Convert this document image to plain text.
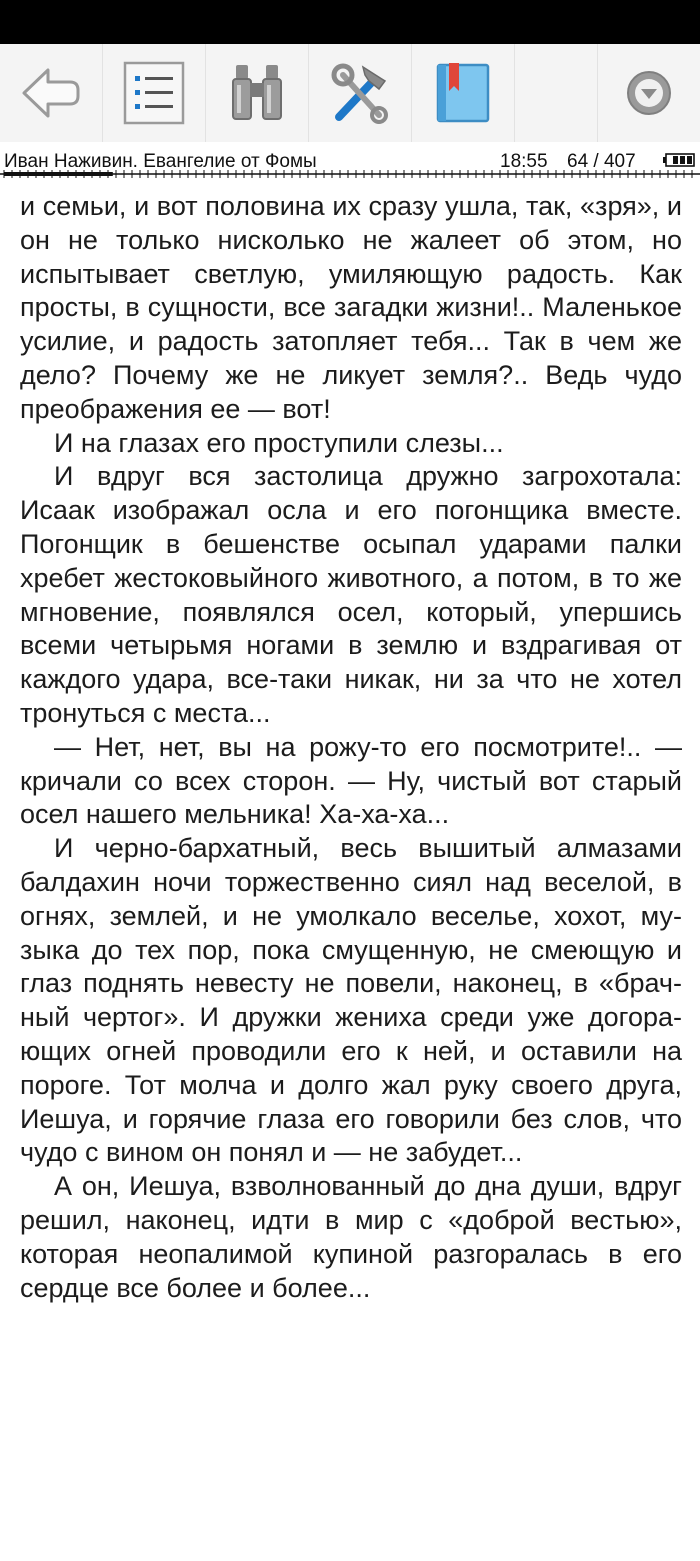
Иван Наживин. Евангелие от Фомы	18:55 64 / 407

и семьи, и вот половина их сразу ушла, так, «зря», и он не только нисколько не жалеет об этом, но испытывает светлую, умиляющую радость. Как просты, в сущности, все загадки жизни!.. Маленькое усилие, и радость затопляет тебя... Так в чем же дело? Почему же не ликует земля?.. Ведь чудо преображения ее — вот!

И на глазах его проступили слезы...

И вдруг вся застолица дружно загрохотала: Исаак изображал осла и его погонщика вместе. Погонщик в бешенстве осыпал ударами палки хребет жестоковыйного животного, а потом, в то же мгновение, появлялся осел, который, упершись всеми четырьмя ногами в землю и вздрагивая от каждого удара, все-таки никак, ни за что не хотел тронуться с места...

— Нет, нет, вы на рожу-то его посмотрите!.. — кричали со всех сторон. — Ну, чистый вот старый осел нашего мельника! Ха-ха-ха...

И черно-бархатный, весь вышитый алмазами балдахин ночи торжественно сиял над веселой, в огнях, землей, и не умолкало веселье, хохот, музыка до тех пор, пока смущенную, не смеющую и глаз поднять невесту не повели, наконец, в «брачный чертог». И дружки жениха среди уже догорающих огней проводили его к ней, и оставили на пороге. Тот молча и долго жал руку своего друга, Иешуа, и горячие глаза его говорили без слов, что чудо с вином он понял и — не забудет...

А он, Иешуа, взволнованный до дна души, вдруг решил, наконец, идти в мир с «доброй вестью», которая неопалимой купиной разгоралась в его сердце все более и более...
